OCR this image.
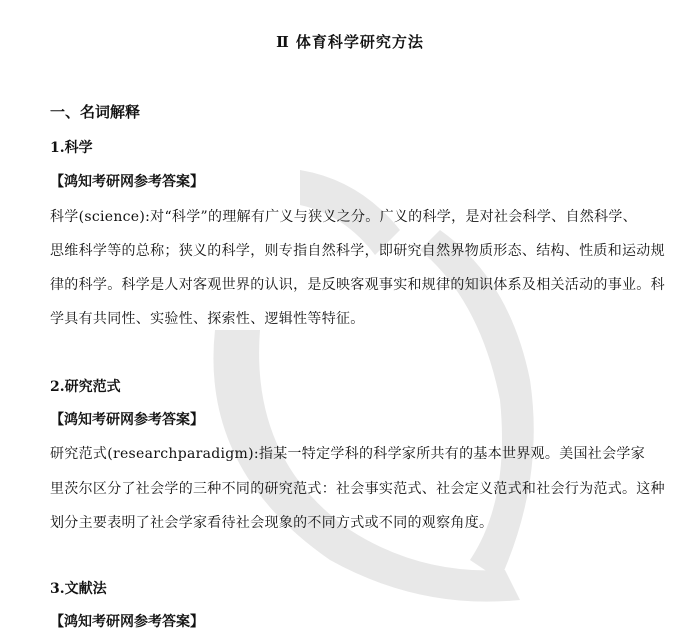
Ⅱ 体育科学研究方法
一、名词解释
1.科学
【鸿知考研网参考答案】
科学(science):对“科学”的理解有广义与狭义之分。广义的科学，是对社会科学、自然科学、
思维科学等的总称；狭义的科学，则专指自然科学，即研究自然界物质形态、结构、性质和运动规
律的科学。科学是人对客观世界的认识，是反映客观事实和规律的知识体系及相关活动的事业。科
学具有共同性、实验性、探索性、逻辑性等特征。
2.研究范式
【鸿知考研网参考答案】
研究范式(researchparadigm):指某一特定学科的科学家所共有的基本世界观。美国社会学家
里茨尔区分了社会学的三种不同的研究范式：社会事实范式、社会定义范式和社会行为范式。这种
划分主要表明了社会学家看待社会现象的不同方式或不同的观察角度。
3.文献法
【鸿知考研网参考答案】
